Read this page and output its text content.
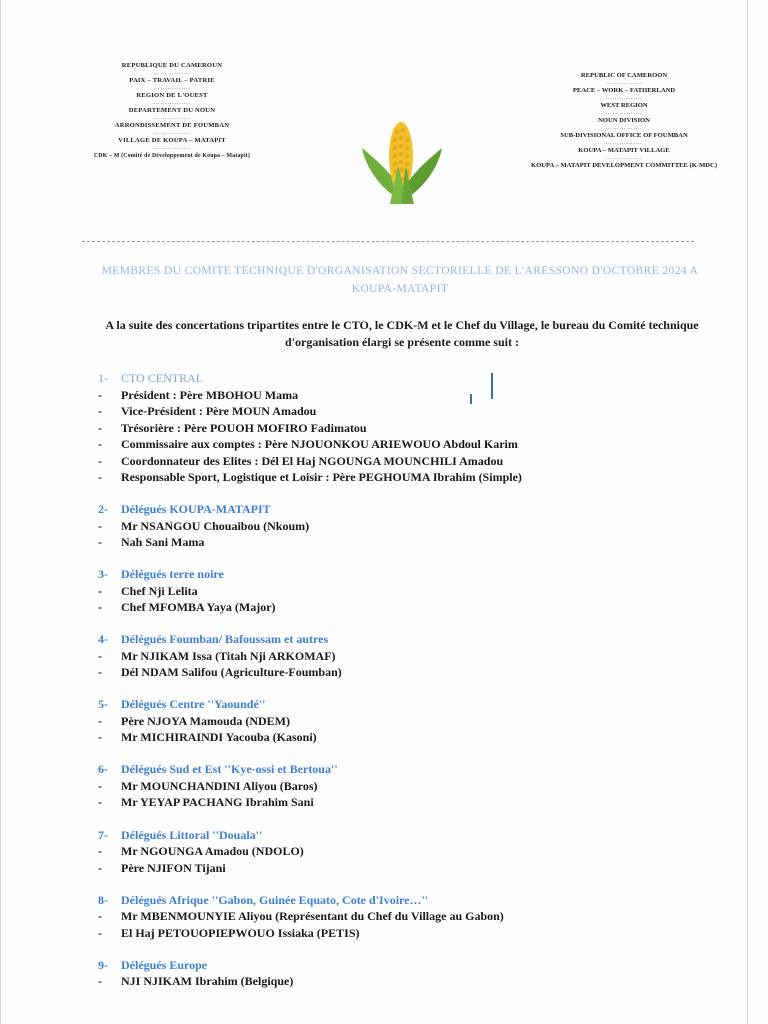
REPUBLIQUE DU CAMEROUN
…………….
PAIX – TRAVAIL – PATRIE
…………….
REGION DE L'OUEST
…………….
DEPARTEMENT DU NOUN
…………….
ARRONDISSEMENT DE FOUMBAN
…………….
VILLAGE DE KOUPA – MATAPIT
…………….
CDK – M (Comité de Développement de Koupa – Matapit)
REPUBLIC OF CAMEROON
…………….
PEACE – WORK – FATHERLAND
…………….
WEST REGION
…………….
NOUN DIVISION
…………….
SUB-DIVISIONAL OFFICE OF FOUMBAN
…………….
KOUPA – MATAPIT VILLAGE
…………….
KOUPA – MATAPIT DEVELOPMENT COMMITTEE (K-MDC)
MEMBRES DU COMITE TECHNIQUE D'ORGANISATION SECTORIELLE DE L'ARESSONO D'OCTOBRE 2024 A KOUPA-MATAPIT
A la suite des concertations tripartites entre le CTO, le CDK-M et le Chef du Village, le bureau du Comité technique d'organisation élargi se présente comme suit :
1-	CTO CENTRAL
-	Président : Père MBOHOU Mama
-	Vice-Président : Père MOUN Amadou
-	Trésorière : Père POUOH MOFIRO Fadimatou
-	Commissaire aux comptes : Père NJOUONKOU ARIEWOUO Abdoul Karim
-	Coordonnateur des Elites : Dél El Haj NGOUNGA MOUNCHILI Amadou
-	Responsable Sport, Logistique et Loisir : Père PEGHOUMA Ibrahim (Simple)
2-	Délégués KOUPA-MATAPIT
-	Mr NSANGOU Chouaibou (Nkoum)
-	Nah Sani Mama
3-	Délégués terre noire
-	Chef Nji Lelita
-	Chef MFOMBA Yaya (Major)
4-	Délégués Foumban/ Bafoussam et autres
-	Mr NJIKAM Issa (Titah Nji ARKOMAF)
-	Dél NDAM Salifou (Agriculture-Foumban)
5-	Délégués Centre ''Yaoundé''
-	Père NJOYA Mamouda (NDEM)
-	Mr MICHIRAINDI Yacouba (Kasoni)
6-	Délégués Sud et Est ''Kye-ossi et Bertoua''
-	Mr MOUNCHANDINI Aliyou (Baros)
-	Mr YEYAP PACHANG Ibrahim Sani
7-	Délégués Littoral ''Douala''
-	Mr NGOUNGA Amadou (NDOLO)
-	Père NJIFON Tijani
8-	Délégués Afrique ''Gabon, Guinée Equato, Cote d'Ivoire…''
-	Mr MBENMOUNYIE Aliyou (Représentant du Chef du Village au Gabon)
-	El Haj PETOUOPIEPWOUO Issiaka (PETIS)
9-	Délégués Europe
-	NJI NJIKAM Ibrahim (Belgique)
